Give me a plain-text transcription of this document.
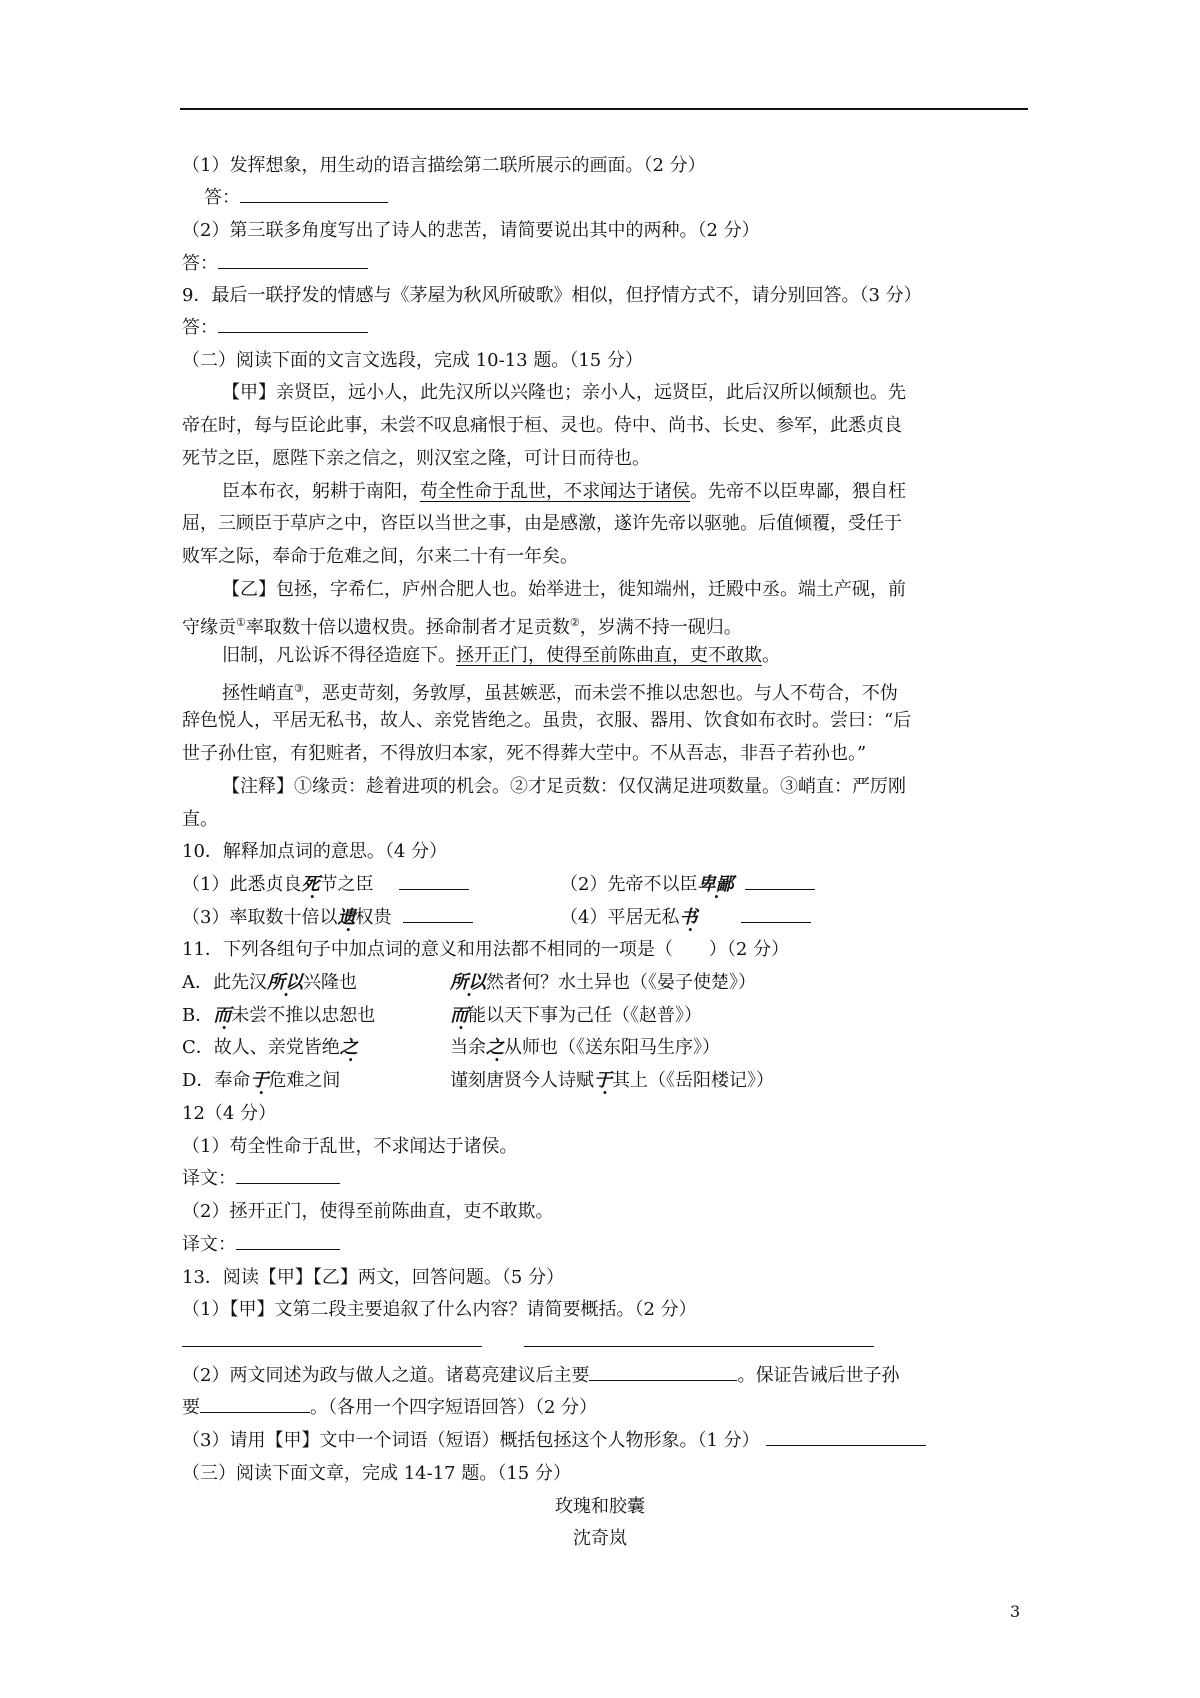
（1）发挥想象，用生动的语言描绘第二联所展示的画面。（2 分）
答：
（2）第三联多角度写出了诗人的悲苦，请简要说出其中的两种。（2 分）
答：
9．最后一联抒发的情感与《茅屋为秋风所破歌》相似，但抒情方式不，请分别回答。（3 分）
答：
（二）阅读下面的文言文选段，完成 10-13 题。（15 分）
【甲】亲贤臣，远小人，此先汉所以兴隆也；亲小人，远贤臣，此后汉所以倾颓也。先
帝在时，每与臣论此事，未尝不叹息痛恨于桓、灵也。侍中、尚书、长史、参军，此悉贞良
死节之臣，愿陛下亲之信之，则汉室之隆，可计日而待也。
臣本布衣，躬耕于南阳，苟全性命于乱世，不求闻达于诸侯。先帝不以臣卑鄙，猥自枉
屈，三顾臣于草庐之中，咨臣以当世之事，由是感激，遂许先帝以驱驰。后值倾覆，受任于
败军之际，奉命于危难之间，尔来二十有一年矣。
【乙】包拯，字希仁，庐州合肥人也。始举进士，徙知端州，迁殿中丞。端土产砚，前
守缘贡①率取数十倍以遗权贵。拯命制者才足贡数②，岁满不持一砚归。
旧制，凡讼诉不得径造庭下。拯开正门，使得至前陈曲直，吏不敢欺。
拯性峭直③，恶吏苛刻，务敦厚，虽甚嫉恶，而未尝不推以忠恕也。与人不苟合，不伪
辞色悦人，平居无私书，故人、亲党皆绝之。虽贵，衣服、器用、饮食如布衣时。尝曰：“后
世子孙仕宦，有犯赃者，不得放归本家，死不得葬大茔中。不从吾志，非吾子若孙也。”
【注释】①缘贡：趁着进项的机会。②才足贡数：仅仅满足进项数量。③峭直：严厉刚
直。
10．解释加点词的意思。（4 分）
（1）此悉贞良死节之臣	（2）先帝不以臣卑鄙
（3）率取数十倍以遗权贵	（4）平居无私书
11．下列各组句子中加点词的意义和用法都不相同的一项是（　　）（2 分）
A．此先汉所以兴隆也	所以然者何？水土异也（《晏子使楚》）
B．而未尝不推以忠恕也	而能以天下事为己任（《赵普》）
C．故人、亲党皆绝之	当余之从师也（《送东阳马生序》）
D．奉命于危难之间	谨刻唐贤今人诗赋于其上（《岳阳楼记》）
12（4 分）
（1）苟全性命于乱世，不求闻达于诸侯。
译文：
（2）拯开正门，使得至前陈曲直，吏不敢欺。
译文：
13．阅读【甲】【乙】两文，回答问题。（5 分）
（1）【甲】文第二段主要追叙了什么内容？请简要概括。（2 分）
（2）两文同述为政与做人之道。诸葛亮建议后主要	。保证告诫后世子孙
要	。（各用一个四字短语回答）（2 分）
（3）请用【甲】文中一个词语（短语）概括包拯这个人物形象。（1 分）
（三）阅读下面文章，完成 14-17 题。（15 分）
玫瑰和胶囊
沈奇岚
3
